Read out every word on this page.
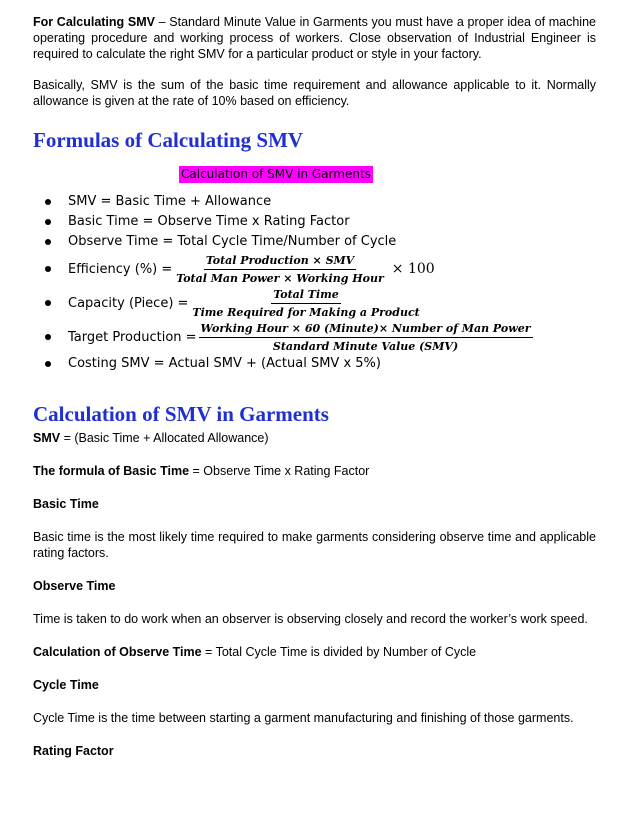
For Calculating SMV – Standard Minute Value in Garments you must have a proper idea of machine operating procedure and working process of workers. Close observation of Industrial Engineer is required to calculate the right SMV for a particular product or style in your factory.

Basically, SMV is the sum of the basic time requirement and allowance applicable to it. Normally allowance is given at the rate of 10% based on efficiency.

Formulas of Calculating SMV
Calculation of SMV in Garments
SMV = Basic Time + Allowance
Basic Time = Observe Time x Rating Factor
Observe Time = Total Cycle Time/Number of Cycle
Efficiency (%) = $\frac{\text{Total Production × SMV}}{\text{Total Man Power × Working Hour}} \times 100$
Capacity (Piece) = $\frac{\text{Total Time}}{\text{Time Required for Making a Product}}$
Target Production = $\frac{\text{Working Hour × 60 (Minute)× Number of Man Power}}{\text{Standard Minute Value (SMV)}}$
Costing SMV = Actual SMV + (Actual SMV x 5%)
Calculation of SMV in Garments

SMV = (Basic Time + Allocated Allowance)

The formula of Basic Time = Observe Time x Rating Factor

Basic Time

Basic time is the most likely time required to make garments considering observe time and applicable rating factors.

Observe Time

Time is taken to do work when an observer is observing closely and record the worker’s work speed.

Calculation of Observe Time = Total Cycle Time is divided by Number of Cycle

Cycle Time

Cycle Time is the time between starting a garment manufacturing and finishing of those garments.

Rating Factor
